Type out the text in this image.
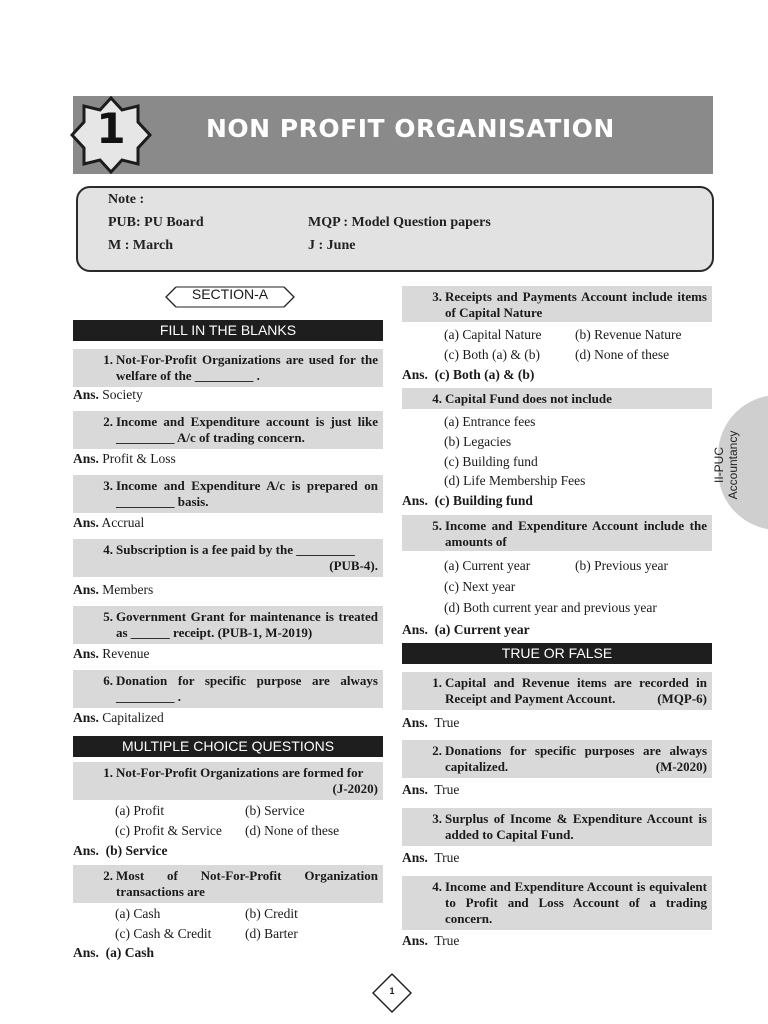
1	NON PROFIT ORGANISATION
Note :
PUB: PU Board	MQP : Model Question papers
M : March	J : June
SECTION-A
FILL IN THE BLANKS
1. Not-For-Profit Organizations are used for the welfare of the _________ .
Ans. Society
2. Income and Expenditure account is just like _________ A/c of trading concern.
Ans. Profit & Loss
3. Income and Expenditure A/c is prepared on _________ basis.
Ans. Accrual
4. Subscription is a fee paid by the _________
(PUB-4).
Ans. Members
5. Government Grant for maintenance is treated as ______ receipt. (PUB-1, M-2019)
Ans. Revenue
6. Donation for specific purpose are always _________ .
Ans. Capitalized
MULTIPLE CHOICE QUESTIONS
1. Not-For-Profit Organizations are formed for
(J-2020)
(a) Profit	(b) Service
(c) Profit & Service (d) None of these
Ans. (b) Service
2. Most of Not-For-Profit Organization transactions are
(a) Cash	(b) Credit
(c) Cash & Credit (d) Barter
Ans. (a) Cash
3. Receipts and Payments Account include items of Capital Nature
(a) Capital Nature (b) Revenue Nature
(c) Both (a) & (b)	(d) None of these
Ans. (c) Both (a) & (b)
4. Capital Fund does not include
(a) Entrance fees
(b) Legacies
(c) Building fund
(d) Life Membership Fees
Ans. (c) Building fund
5. Income and Expenditure Account include the amounts of
(a) Current year	(b) Previous year
(c) Next year
(d) Both current year and previous year
Ans. (a) Current year
TRUE OR FALSE
1. Capital and Revenue items are recorded in Receipt and Payment Account.	(MQP-6)
Ans. True
2. Donations for specific purposes are always capitalized.	(M-2020)
Ans. True
3. Surplus of Income & Expenditure Account is added to Capital Fund.
Ans. True
4. Income and Expenditure Account is equivalent to Profit and Loss Account of a trading concern.
Ans. True
II-PUC Accountancy
1
